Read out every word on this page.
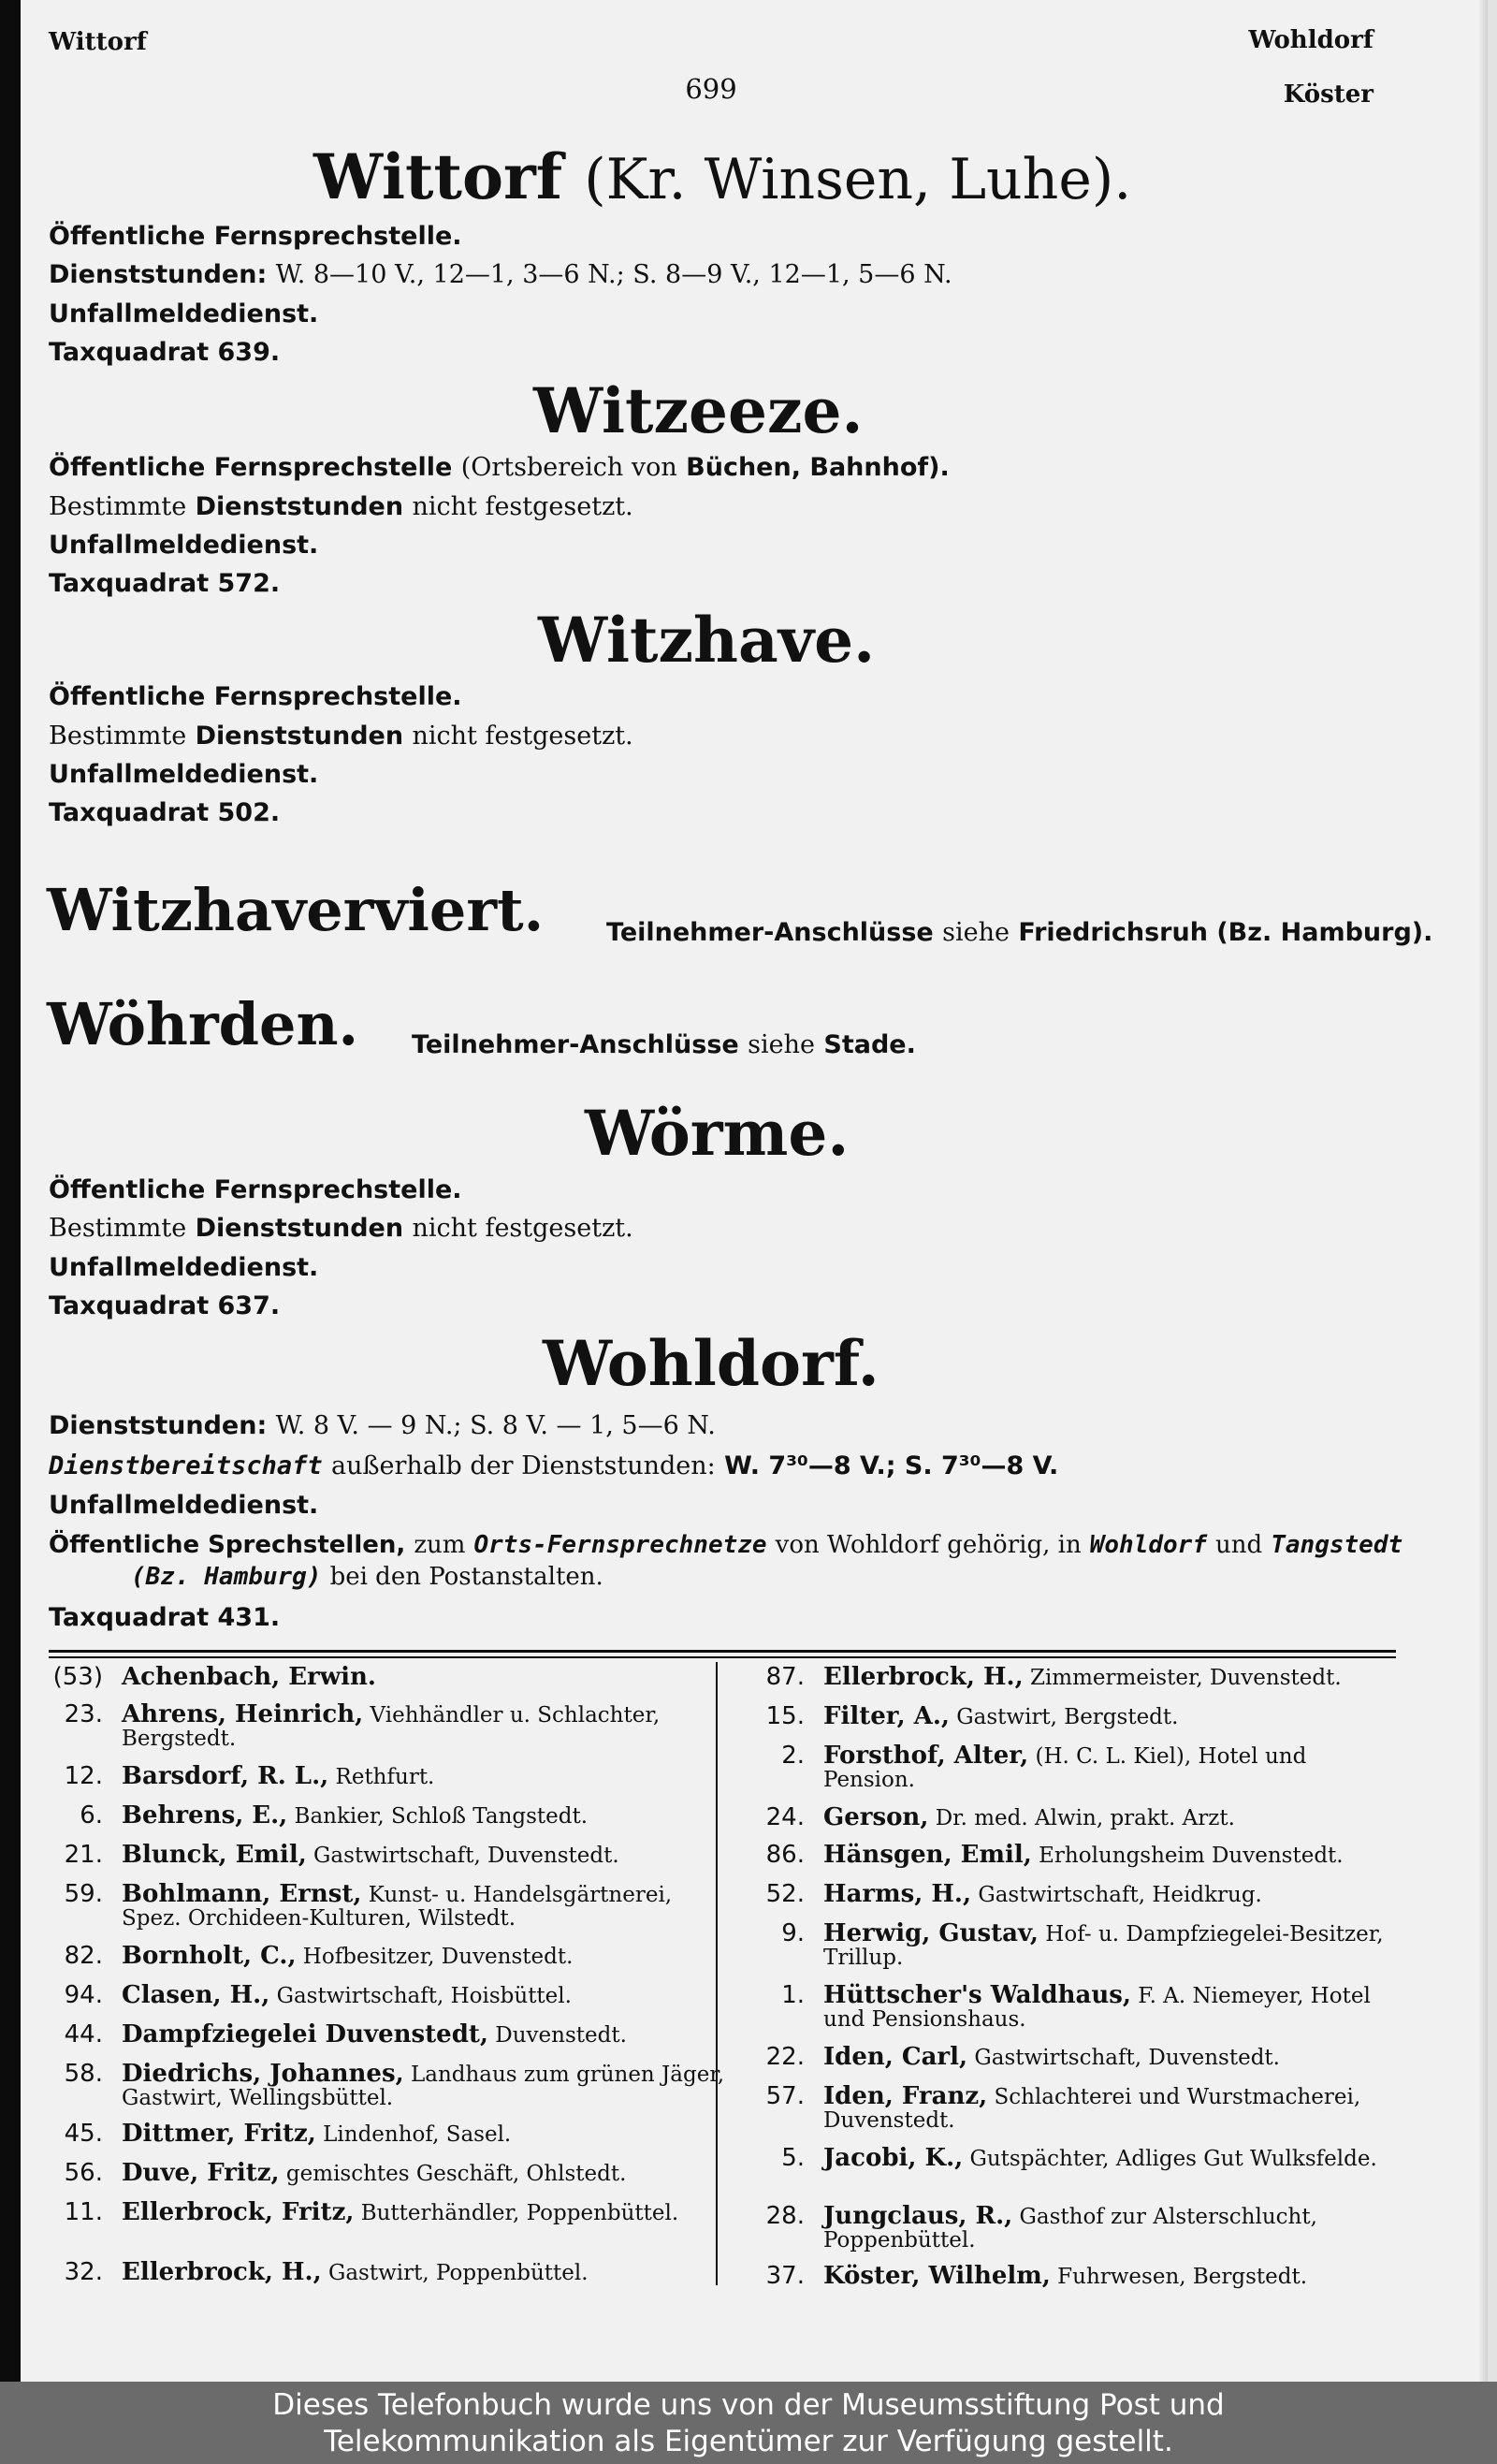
Wittorf	Wohldorf
Köster
699
Wittorf (Kr. Winsen, Luhe).
Öffentliche Fernsprechstelle.
Dienststunden: W. 8—10 V., 12—1, 3—6 N.; S. 8—9 V., 12—1, 5—6 N.
Unfallmeldedienst.
Taxquadrat 639.
Witzeeze.
Öffentliche Fernsprechstelle (Ortsbereich von Büchen, Bahnhof).
Bestimmte Dienststunden nicht festgesetzt.
Unfallmeldedienst.
Taxquadrat 572.
Witzhave.
Öffentliche Fernsprechstelle.
Bestimmte Dienststunden nicht festgesetzt.
Unfallmeldedienst.
Taxquadrat 502.
Witzhaverviert. Teilnehmer-Anschlüsse siehe Friedrichsruh (Bz. Hamburg).
Wöhrden. Teilnehmer-Anschlüsse siehe Stade.
Wörme.
Öffentliche Fernsprechstelle.
Bestimmte Dienststunden nicht festgesetzt.
Unfallmeldedienst.
Taxquadrat 637.
Wohldorf.
Dienststunden: W. 8 V. — 9 N.; S. 8 V. — 1, 5—6 N.
Dienstbereitschaft außerhalb der Dienststunden: W. 7³⁰—8 V.; S. 7³⁰—8 V.
Unfallmeldedienst.
Öffentliche Sprechstellen, zum Orts-Fernsprechnetze von Wohldorf gehörig, in Wohldorf und Tangstedt
(Bz. Hamburg) bei den Postanstalten.
Taxquadrat 431.
(53) Achenbach, Erwin.
23. Ahrens, Heinrich, Viehhändler u. Schlachter, Bergstedt.
12. Barsdorf, R. L., Rethfurt.
6. Behrens, E., Bankier, Schloß Tangstedt.
21. Blunck, Emil, Gastwirtschaft, Duvenstedt.
59. Bohlmann, Ernst, Kunst- u. Handelsgärtnerei, Spez. Orchideen-Kulturen, Wilstedt.
82. Bornholt, C., Hofbesitzer, Duvenstedt.
94. Clasen, H., Gastwirtschaft, Hoisbüttel.
44. Dampfziegelei Duvenstedt, Duvenstedt.
58. Diedrichs, Johannes, Landhaus zum grünen Jäger, Gastwirt, Wellingsbüttel.
45. Dittmer, Fritz, Lindenhof, Sasel.
56. Duve, Fritz, gemischtes Geschäft, Ohlstedt.
11. Ellerbrock, Fritz, Butterhändler, Poppenbüttel.
32. Ellerbrock, H., Gastwirt, Poppenbüttel.
87. Ellerbrock, H., Zimmermeister, Duvenstedt.
15. Filter, A., Gastwirt, Bergstedt.
2. Forsthof, Alter, (H. C. L. Kiel), Hotel und Pension.
24. Gerson, Dr. med. Alwin, prakt. Arzt.
86. Hänsgen, Emil, Erholungsheim Duvenstedt.
52. Harms, H., Gastwirtschaft, Heidkrug.
9. Herwig, Gustav, Hof- u. Dampfziegelei-Besitzer, Trillup.
1. Hüttscher's Waldhaus, F. A. Niemeyer, Hotel und Pensionshaus.
22. Iden, Carl, Gastwirtschaft, Duvenstedt.
57. Iden, Franz, Schlachterei und Wurstmacherei, Duvenstedt.
5. Jacobi, K., Gutspächter, Adliges Gut Wulksfelde.
28. Jungclaus, R., Gasthof zur Alsterschlucht, Poppenbüttel.
37. Köster, Wilhelm, Fuhrwesen, Bergstedt.
Dieses Telefonbuch wurde uns von der Museumsstiftung Post und
Telekommunikation als Eigentümer zur Verfügung gestellt.
